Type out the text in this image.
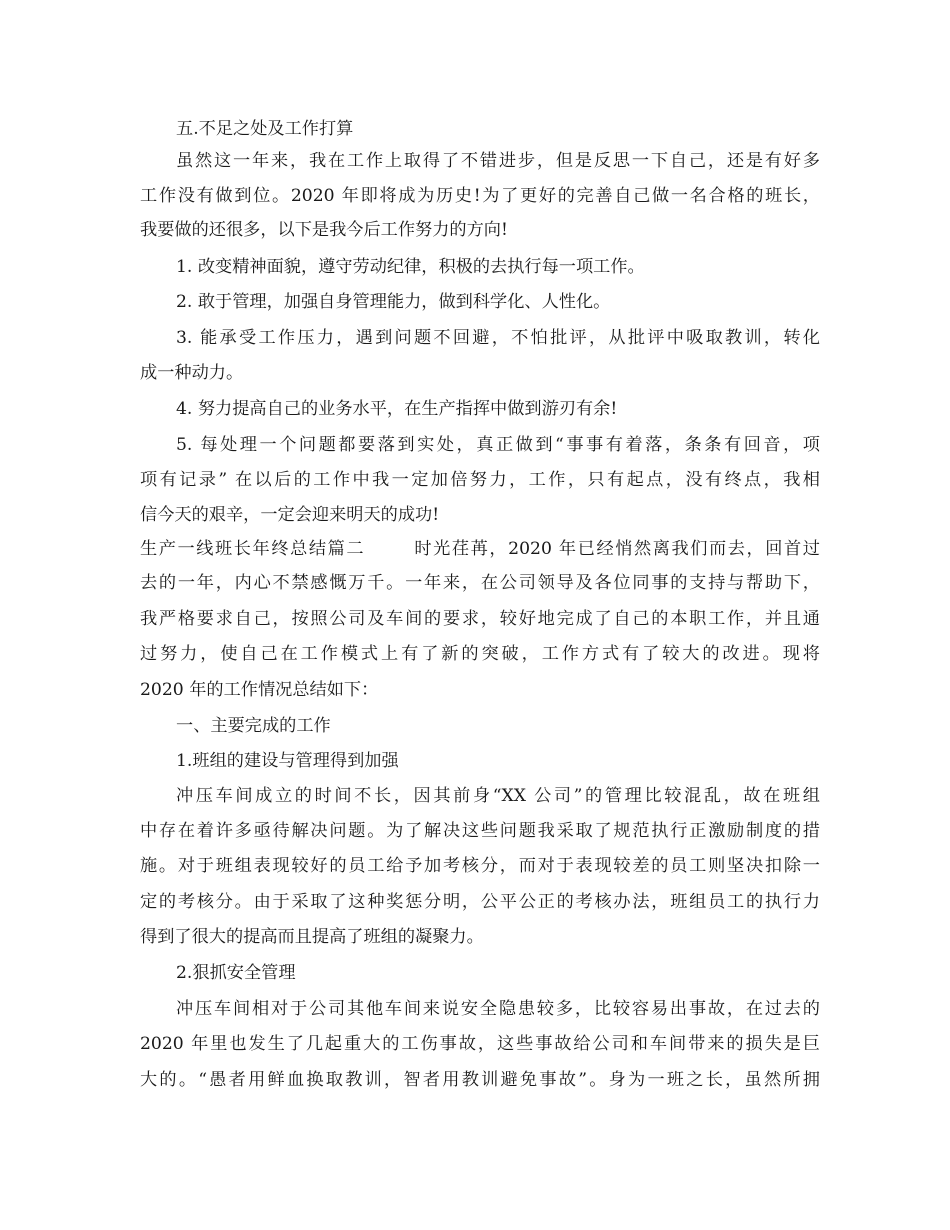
五.不足之处及工作打算
虽然这一年来，我在工作上取得了不错进步，但是反思一下自己，还是有好多
工作没有做到位。2020 年即将成为历史!为了更好的完善自己做一名合格的班长，
我要做的还很多，以下是我今后工作努力的方向!
1. 改变精神面貌，遵守劳动纪律，积极的去执行每一项工作。
2. 敢于管理，加强自身管理能力，做到科学化、人性化。
3. 能承受工作压力，遇到问题不回避，不怕批评，从批评中吸取教训，转化
成一种动力。
4. 努力提高自己的业务水平，在生产指挥中做到游刃有余!
5. 每处理一个问题都要落到实处，真正做到“事事有着落，条条有回音，项
项有记录” 在以后的工作中我一定加倍努力，工作，只有起点，没有终点，我相
信今天的艰辛，一定会迎来明天的成功!
生产一线班长年终总结篇二       时光荏苒，2020 年已经悄然离我们而去，回首过
去的一年，内心不禁感慨万千。一年来，在公司领导及各位同事的支持与帮助下，
我严格要求自己，按照公司及车间的要求，较好地完成了自己的本职工作，并且通
过努力，使自己在工作模式上有了新的突破，工作方式有了较大的改进。现将
2020 年的工作情况总结如下：
一、主要完成的工作
1.班组的建设与管理得到加强
冲压车间成立的时间不长，因其前身“XX 公司”的管理比较混乱，故在班组
中存在着许多亟待解决问题。为了解决这些问题我采取了规范执行正激励制度的措
施。对于班组表现较好的员工给予加考核分，而对于表现较差的员工则坚决扣除一
定的考核分。由于采取了这种奖惩分明，公平公正的考核办法，班组员工的执行力
得到了很大的提高而且提高了班组的凝聚力。
2.狠抓安全管理
冲压车间相对于公司其他车间来说安全隐患较多，比较容易出事故，在过去的
2020 年里也发生了几起重大的工伤事故，这些事故给公司和车间带来的损失是巨
大的。“愚者用鲜血换取教训，智者用教训避免事故”。身为一班之长，虽然所拥
